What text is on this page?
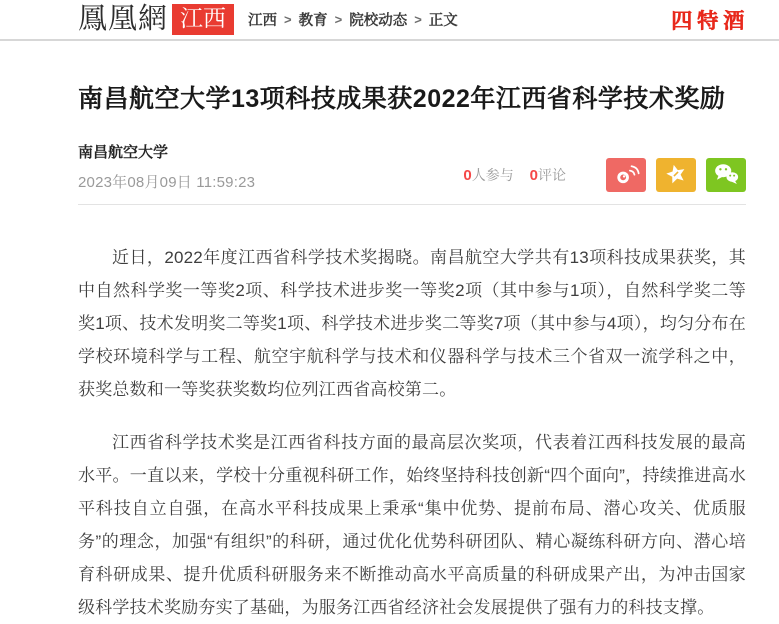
鳳凰網 江西	江西 > 教育 > 院校动态 > 正文	四特酒
南昌航空大学13项科技成果获2022年江西省科学技术奖励
南昌航空大学
2023年08月09日 11:59:23	0人参与 0评论

近日，2022年度江西省科学技术奖揭晓。南昌航空大学共有13项科技成果获奖，其中自然科学奖一等奖2项、科学技术进步奖一等奖2项（其中参与1项），自然科学奖二等奖1项、技术发明奖二等奖1项、科学技术进步奖二等奖7项（其中参与4项），均匀分布在学校环境科学与工程、航空宇航科学与技术和仪器科学与技术三个省双一流学科之中，获奖总数和一等奖获奖数均位列江西省高校第二。

江西省科学技术奖是江西省科技方面的最高层次奖项，代表着江西科技发展的最高水平。一直以来，学校十分重视科研工作，始终坚持科技创新“四个面向”，持续推进高水平科技自立自强，在高水平科技成果上秉承“集中优势、提前布局、潜心攻关、优质服务”的理念，加强“有组织”的科研，通过优化优势科研团队、精心凝练科研方向、潜心培育科研成果、提升优质科研服务来不断推动高水平高质量的科研成果产出，为冲击国家级科学技术奖励夯实了基础，为服务江西省经济社会发展提供了强有力的科技支撑。
